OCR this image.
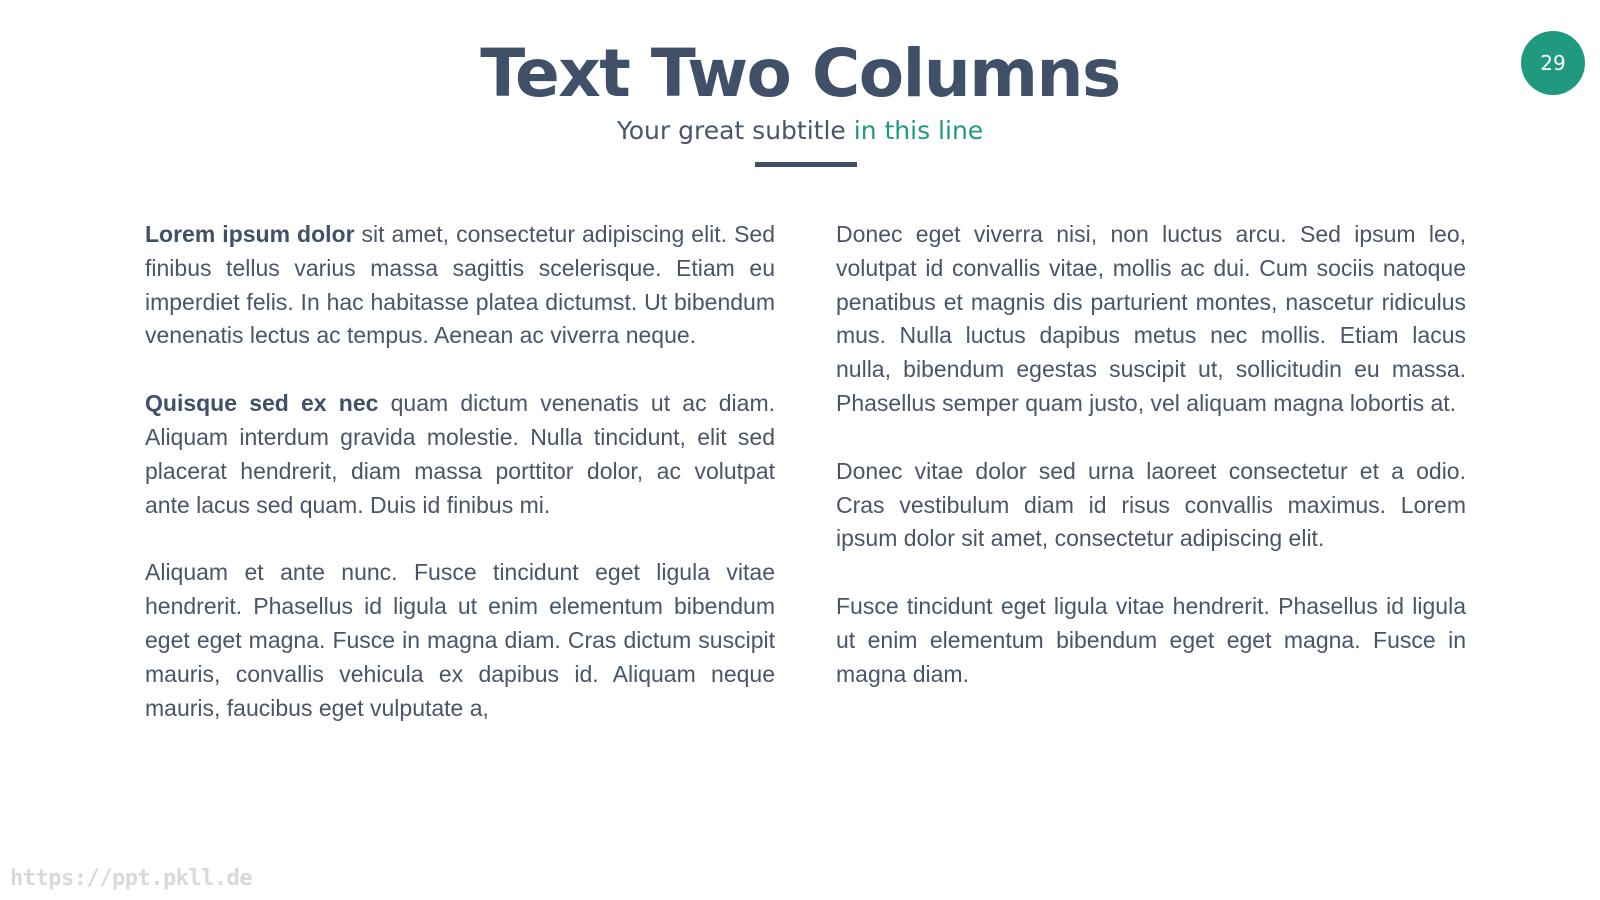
Text Two Columns

Your great subtitle in this line

29

Lorem ipsum dolor sit amet, consectetur adipiscing elit. Sed finibus tellus varius massa sagittis scelerisque. Etiam eu imperdiet felis. In hac habitasse platea dictumst. Ut bibendum venenatis lectus ac tempus. Aenean ac viverra neque.

Quisque sed ex nec quam dictum venenatis ut ac diam. Aliquam interdum gravida molestie. Nulla tincidunt, elit sed placerat hendrerit, diam massa porttitor dolor, ac volutpat ante lacus sed quam. Duis id finibus mi.

Aliquam et ante nunc. Fusce tincidunt eget ligula vitae hendrerit. Phasellus id ligula ut enim elementum bibendum eget eget magna. Fusce in magna diam. Cras dictum suscipit mauris, convallis vehicula ex dapibus id. Aliquam neque mauris, faucibus eget vulputate a,

Donec eget viverra nisi, non luctus arcu. Sed ipsum leo, volutpat id convallis vitae, mollis ac dui. Cum sociis natoque penatibus et magnis dis parturient montes, nascetur ridiculus mus. Nulla luctus dapibus metus nec mollis. Etiam lacus nulla, bibendum egestas suscipit ut, sollicitudin eu massa. Phasellus semper quam justo, vel aliquam magna lobortis at.

Donec vitae dolor sed urna laoreet consectetur et a odio. Cras vestibulum diam id risus convallis maximus. Lorem ipsum dolor sit amet, consectetur adipiscing elit.

Fusce tincidunt eget ligula vitae hendrerit. Phasellus id ligula ut enim elementum bibendum eget eget magna. Fusce in magna diam.

https://ppt.pkll.de
